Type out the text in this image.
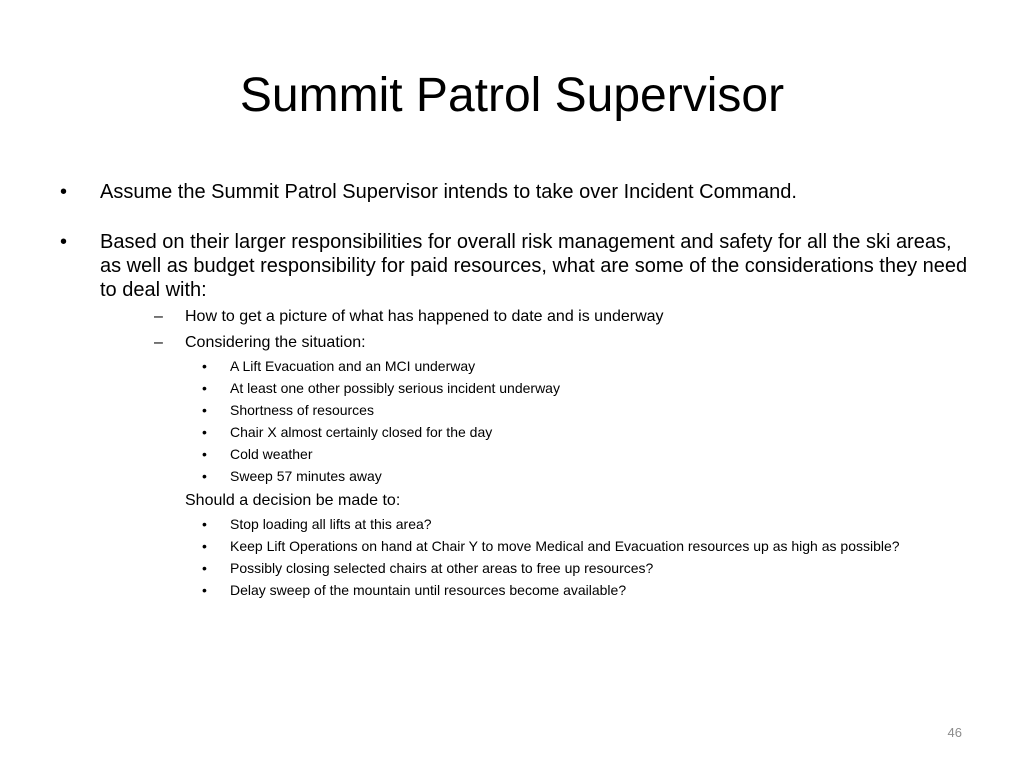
Summit Patrol Supervisor
•	Assume the Summit Patrol Supervisor intends to take over Incident Command.
•	Based on their larger responsibilities for overall risk management and safety for all the ski areas, as well as budget responsibility for paid resources, what are some of the considerations they need to deal with:
–	How to get a picture of what has happened to date and is underway
–	Considering the situation:
•	A Lift Evacuation and an MCI underway
•	At least one other possibly serious incident underway
•	Shortness of resources
•	Chair X almost certainly closed for the day
•	Cold weather
•	Sweep 57 minutes away
Should a decision be made to:
•	Stop loading all lifts at this area?
•	Keep Lift Operations on hand at Chair Y to move Medical and Evacuation resources up as high as possible?
•	Possibly closing selected chairs at other areas to free up resources?
•	Delay sweep of the mountain until resources become available?
46
